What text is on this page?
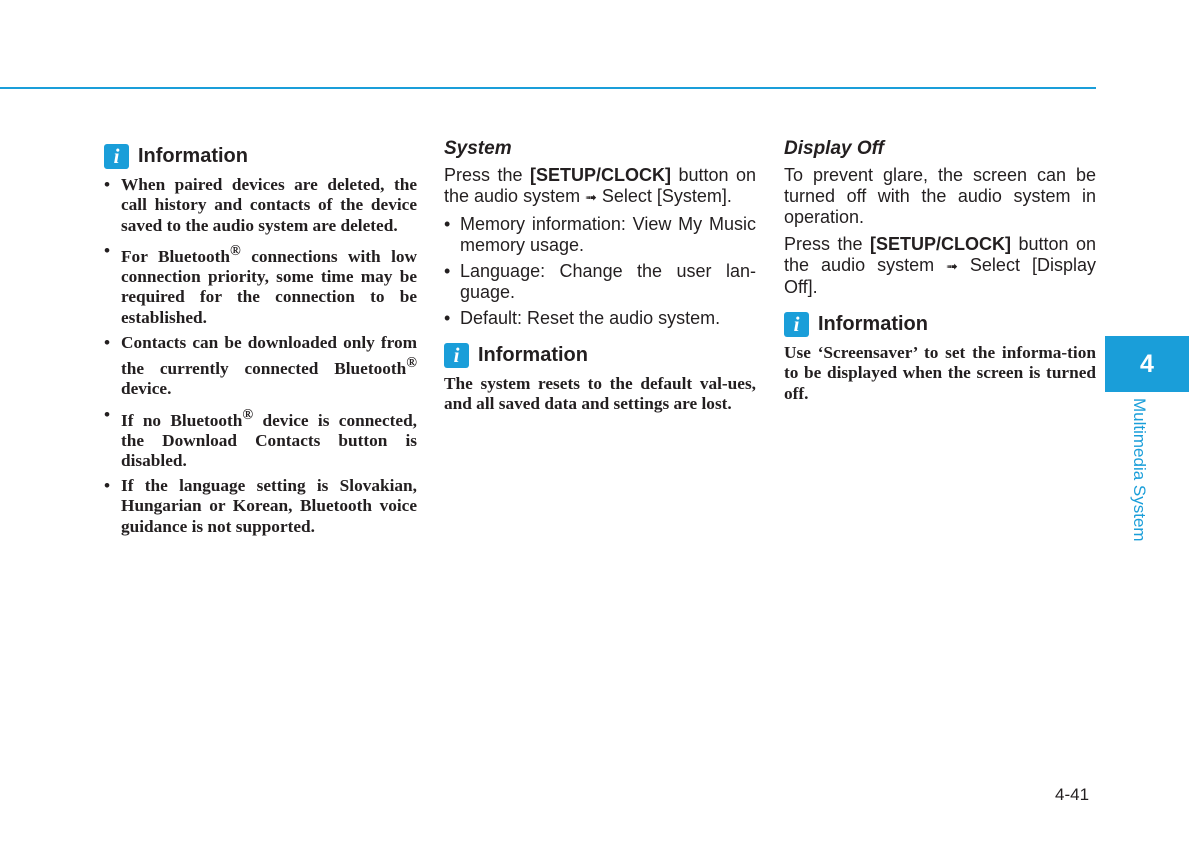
i Information
• When paired devices are deleted, the call history and contacts of the device saved to the audio system are deleted.
• For Bluetooth® connections with low connection priority, some time may be required for the connection to be established.
• Contacts can be downloaded only from the currently connected Bluetooth® device.
• If no Bluetooth® device is connected, the Download Contacts button is disabled.
• If the language setting is Slovakian, Hungarian or Korean, Bluetooth voice guidance is not supported.

System

Press the [SETUP/CLOCK] button on the audio system ➟ Select [System].

• Memory information: View My Music memory usage.
• Language: Change the user lan-guage.
• Default: Reset the audio system.
i Information

The system resets to the default val-ues, and all saved data and settings are lost.

Display Off

To prevent glare, the screen can be turned off with the audio system in operation.

Press the [SETUP/CLOCK] button on the audio system ➟ Select [Display Off].

i Information

Use ‘Screensaver’ to set the informa-tion to be displayed when the screen is turned off.

4
Multimedia System
4-41
